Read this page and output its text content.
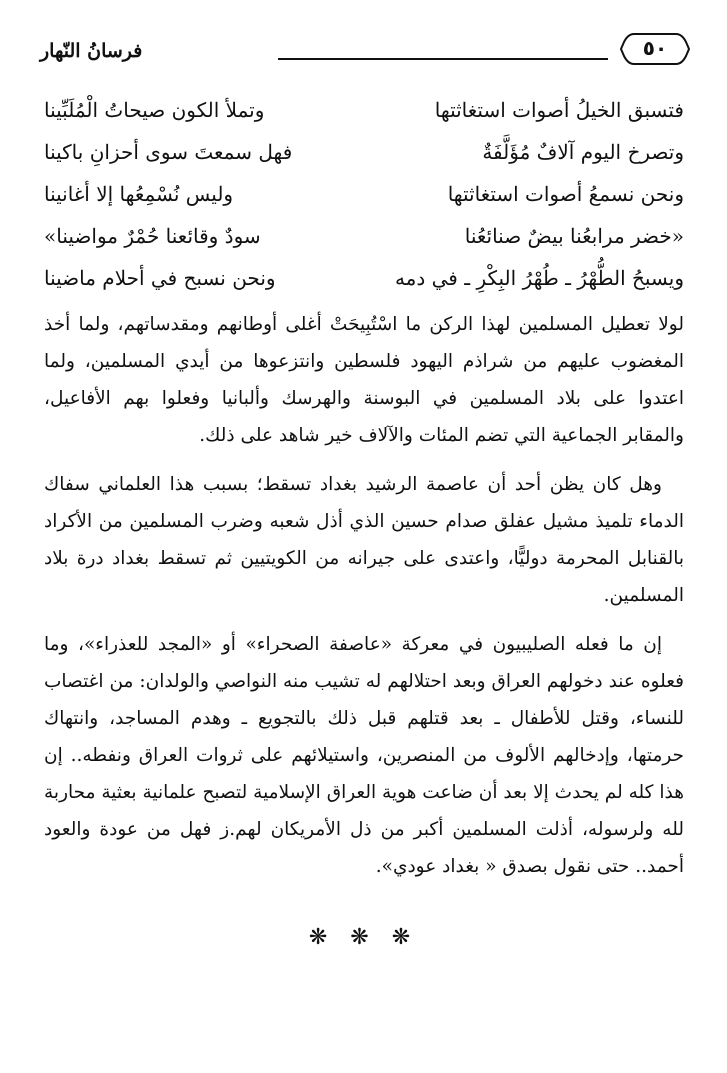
٥٠
فرسانُ النّهار
فتسبق الخيلُ أصوات استغاثتها
وتملأ الكون صيحاتُ الْمُلَبِّينا
وتصرخ اليوم آلافٌ مُؤَلَّفَةٌ
فهل سمعتَ سوى أحزانِ باكينا
ونحن نسمعُ أصوات استغاثتها
وليس نُسْمِعُها إلا أغانينا
«خضر مرابعُنا بيضٌ صنائعُنا
سودٌ وقائعنا حُمْرٌ مواضينا»
ويسبحُ الطُّهْرُ ـ طُهْرُ البِكْرِ ـ في دمه
ونحن نسبح في أحلام ماضينا

لولا تعطيل المسلمين لهذا الركن ما اسْتُبِيحَتْ أغلى أوطانهم ومقدساتهم، ولما أخذ المغضوب عليهم من شراذم اليهود فلسطين وانتزعوها من أيدي المسلمين، ولما اعتدوا على بلاد المسلمين في البوسنة والهرسك وألبانيا وفعلوا بهم الأفاعيل، والمقابر الجماعية التي تضم المئات والآلاف خير شاهد على ذلك.

وهل كان يظن أحد أن عاصمة الرشيد بغداد تسقط؛ بسبب هذا العلماني سفاك الدماء تلميذ مشيل عفلق صدام حسين الذي أذل شعبه وضرب المسلمين من الأكراد بالقنابل المحرمة دوليًّا، واعتدى على جيرانه من الكويتيين ثم تسقط بغداد درة بلاد المسلمين.

إن ما فعله الصليبيون في معركة «عاصفة الصحراء» أو «المجد للعذراء»، وما فعلوه عند دخولهم العراق وبعد احتلالهم له تشيب منه النواصي والولدان: من اغتصاب للنساء، وقتل للأطفال ـ بعد قتلهم قبل ذلك بالتجويع ـ وهدم المساجد، وانتهاك حرمتها، وإدخالهم الألوف من المنصرين، واستيلائهم على ثروات العراق ونفطه.. إن هذا كله لم يحدث إلا بعد أن ضاعت هوية العراق الإسلامية لتصبح علمانية بعثية محاربة لله ولرسوله، أذلت المسلمين أكبر من ذل الأمريكان لهم.ز فهل من عودة والعود أحمد.. حتى نقول بصدق « بغداد عودي».

❋ ❋ ❋
